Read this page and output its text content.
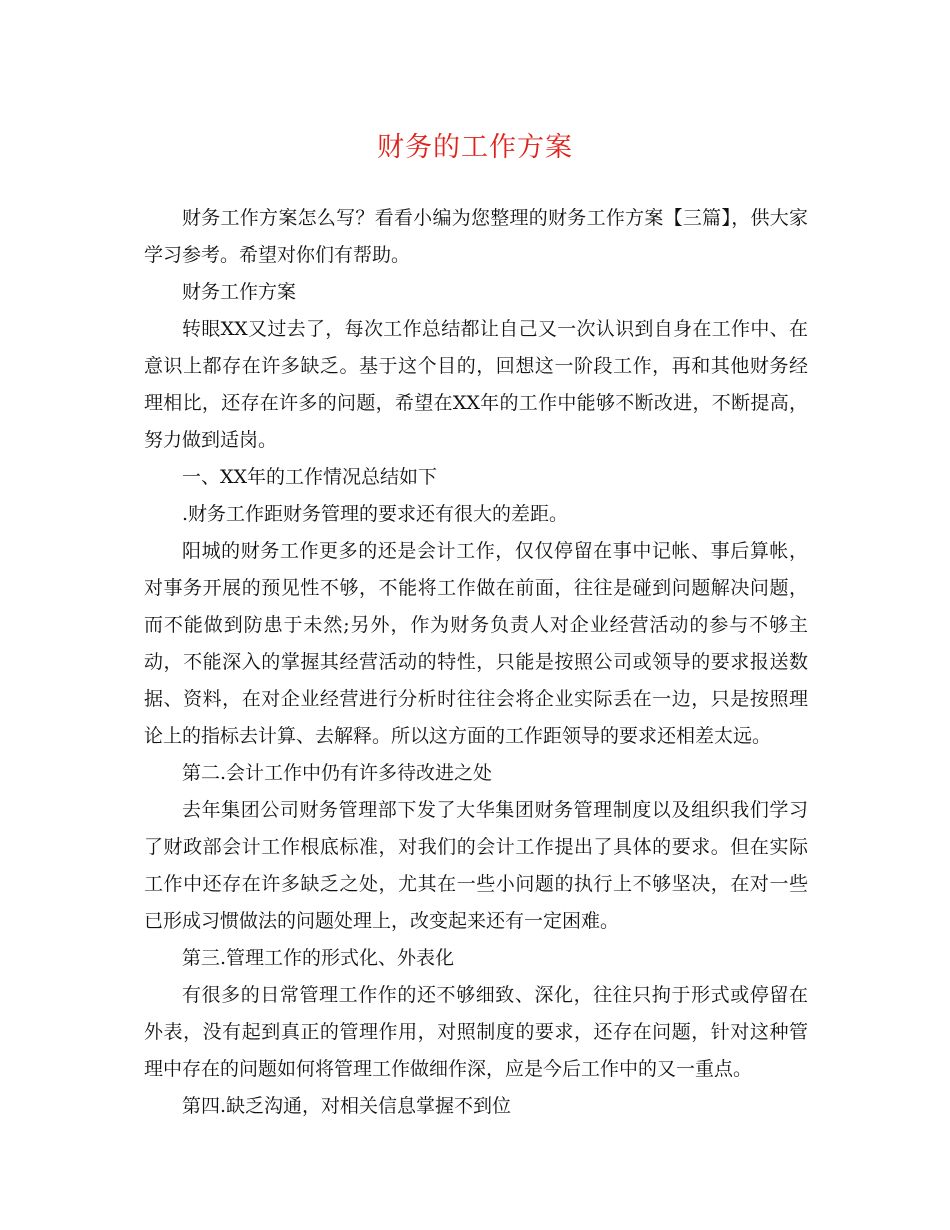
财务的工作方案

财务工作方案怎么写？看看小编为您整理的财务工作方案【三篇】，供大家学习参考。希望对你们有帮助。

财务工作方案

转眼XX又过去了，每次工作总结都让自己又一次认识到自身在工作中、在意识上都存在许多缺乏。基于这个目的，回想这一阶段工作，再和其他财务经理相比，还存在许多的问题，希望在XX年的工作中能够不断改进，不断提高，努力做到适岗。

一、XX年的工作情况总结如下

.财务工作距财务管理的要求还有很大的差距。

阳城的财务工作更多的还是会计工作，仅仅停留在事中记帐、事后算帐，对事务开展的预见性不够，不能将工作做在前面，往往是碰到问题解决问题，而不能做到防患于未然;另外，作为财务负责人对企业经营活动的参与不够主动，不能深入的掌握其经营活动的特性，只能是按照公司或领导的要求报送数据、资料，在对企业经营进行分析时往往会将企业实际丢在一边，只是按照理论上的指标去计算、去解释。所以这方面的工作距领导的要求还相差太远。

第二.会计工作中仍有许多待改进之处

去年集团公司财务管理部下发了大华集团财务管理制度以及组织我们学习了财政部会计工作根底标准，对我们的会计工作提出了具体的要求。但在实际工作中还存在许多缺乏之处，尤其在一些小问题的执行上不够坚决，在对一些已形成习惯做法的问题处理上，改变起来还有一定困难。

第三.管理工作的形式化、外表化

有很多的日常管理工作作的还不够细致、深化，往往只拘于形式或停留在外表，没有起到真正的管理作用，对照制度的要求，还存在问题，针对这种管理中存在的问题如何将管理工作做细作深，应是今后工作中的又一重点。

第四.缺乏沟通，对相关信息掌握不到位
